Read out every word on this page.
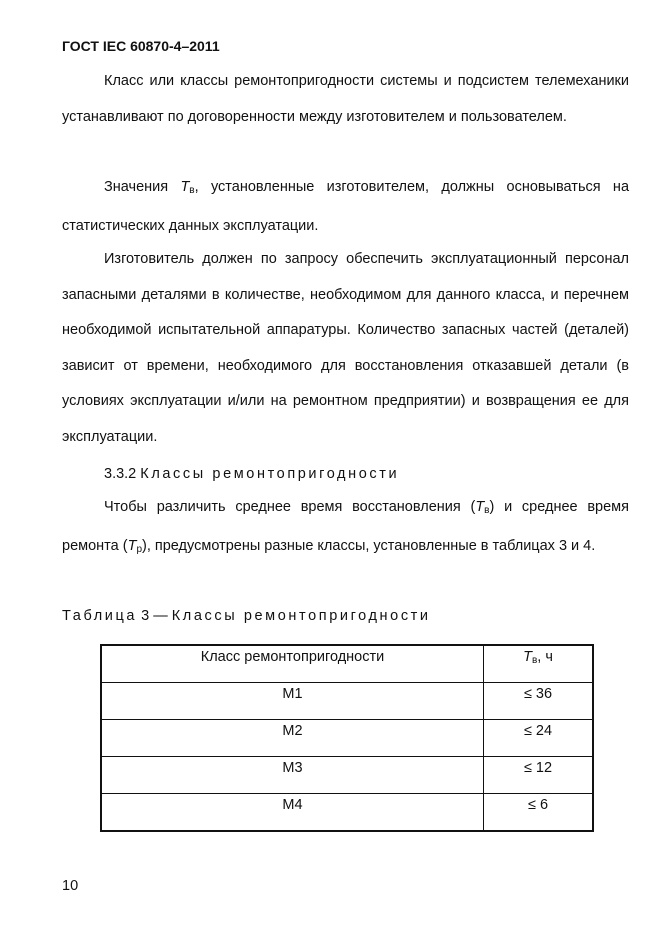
ГОСТ IEC 60870-4–2011

Класс или классы ремонтопригодности системы и подсистем телемеханики устанавливают по договоренности между изготовителем и пользователем.

Значения $T_в$, установленные изготовителем, должны основываться на статистических данных эксплуатации.

Изготовитель должен по запросу обеспечить эксплуатационный персонал запасными деталями в количестве, необходимом для данного класса, и перечнем необходимой испытательной аппаратуры. Количество запасных частей (деталей) зависит от времени, необходимого для восстановления отказавшей детали (в условиях эксплуатации и/или на ремонтном предприятии) и возвращения ее для эксплуатации.

3.3.2 Классы ремонтопригодности

Чтобы различить среднее время восстановления $(T_в)$ и среднее время ремонта $(T_р)$, предусмотрены разные классы, установленные в таблицах 3 и 4.

Таблица 3 — Классы ремонтопригодности
Класс ремонтопригодности	$T_в$, ч
М1	≤ 36
М2	≤ 24
М3	≤ 12
М4	≤ 6
10
